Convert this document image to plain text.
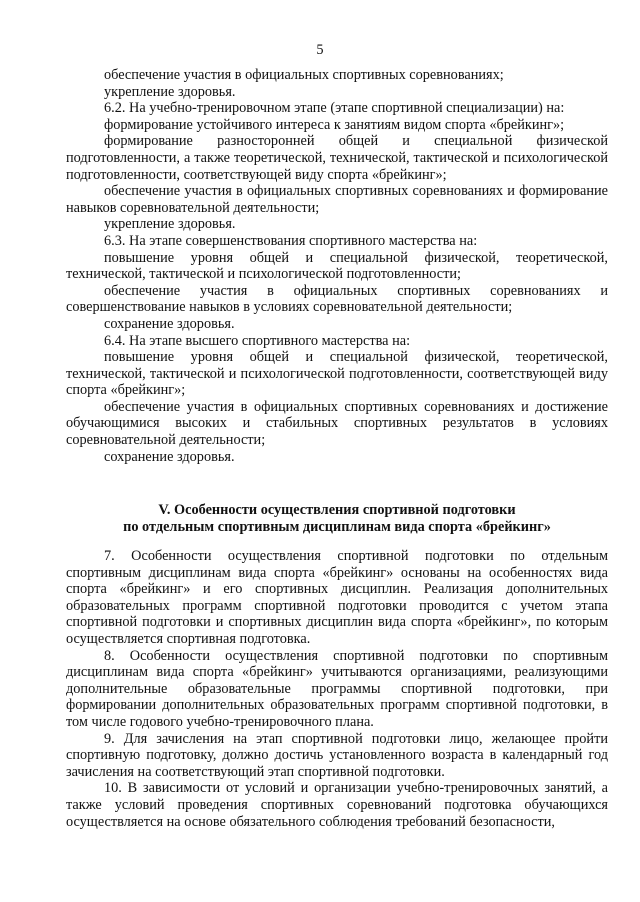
5

обеспечение участия в официальных спортивных соревнованиях;

укрепление здоровья.

6.2. На учебно-тренировочном этапе (этапе спортивной специализации) на:

формирование устойчивого интереса к занятиям видом спорта «брейкинг»;

формирование разносторонней общей и специальной физической подготовленности, а также теоретической, технической, тактической и психологической подготовленности, соответствующей виду спорта «брейкинг»;

обеспечение участия в официальных спортивных соревнованиях и формирование навыков соревновательной деятельности;

укрепление здоровья.

6.3. На этапе совершенствования спортивного мастерства на:

повышение уровня общей и специальной физической, теоретической, технической, тактической и психологической подготовленности;

обеспечение участия в официальных спортивных соревнованиях и совершенствование навыков в условиях соревновательной деятельности;

сохранение здоровья.

6.4. На этапе высшего спортивного мастерства на:

повышение уровня общей и специальной физической, теоретической, технической, тактической и психологической подготовленности, соответствующей виду спорта «брейкинг»;

обеспечение участия в официальных спортивных соревнованиях и достижение обучающимися высоких и стабильных спортивных результатов в условиях соревновательной деятельности;

сохранение здоровья.

V. Особенности осуществления спортивной подготовки
по отдельным спортивным дисциплинам вида спорта «брейкинг»

7. Особенности осуществления спортивной подготовки по отдельным спортивным дисциплинам вида спорта «брейкинг» основаны на особенностях вида спорта «брейкинг» и его спортивных дисциплин. Реализация дополнительных образовательных программ спортивной подготовки проводится с учетом этапа спортивной подготовки и спортивных дисциплин вида спорта «брейкинг», по которым осуществляется спортивная подготовка.

8. Особенности осуществления спортивной подготовки по спортивным дисциплинам вида спорта «брейкинг» учитываются организациями, реализующими дополнительные образовательные программы спортивной подготовки, при формировании дополнительных образовательных программ спортивной подготовки, в том числе годового учебно-тренировочного плана.

9. Для зачисления на этап спортивной подготовки лицо, желающее пройти спортивную подготовку, должно достичь установленного возраста в календарный год зачисления на соответствующий этап спортивной подготовки.

10. В зависимости от условий и организации учебно-тренировочных занятий, а также условий проведения спортивных соревнований подготовка обучающихся осуществляется на основе обязательного соблюдения требований безопасности,
